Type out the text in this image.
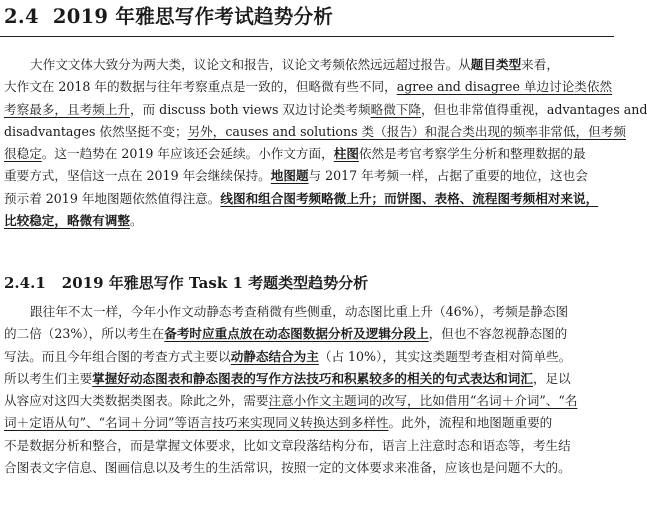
2.4 2019 年雅思写作考试趋势分析
大作文文体大致分为两大类，议论文和报告，议论文考频依然远远超过报告。从题目类型来看，
大作文在 2018 年的数据与往年考察重点是一致的，但略微有些不同，agree and disagree 单边讨论类依然
考察最多，且考频上升，而 discuss both views 双边讨论类考频略微下降，但也非常值得重视，advantages and
disadvantages 依然坚挺不变；另外，causes and solutions 类（报告）和混合类出现的频率非常低，但考频
很稳定。这一趋势在 2019 年应该还会延续。小作文方面，柱图依然是考官考察学生分析和整理数据的最
重要方式，坚信这一点在 2019 年会继续保持。地图题与 2017 年考频一样，占据了重要的地位，这也会
预示着 2019 年地图题依然值得注意。线图和组合图考频略微上升；而饼图、表格、流程图考频相对来说，
比较稳定，略微有调整。
2.4.1 2019 年雅思写作 Task 1 考题类型趋势分析
跟往年不太一样，今年小作文动静态考查稍微有些侧重，动态图比重上升（46%），考频是静态图
的二倍（23%），所以考生在备考时应重点放在动态图数据分析及逻辑分段上，但也不容忽视静态图的
写法。而且今年组合图的考查方式主要以动静态结合为主（占 10%），其实这类题型考查相对简单些。
所以考生们主要掌握好动态图表和静态图表的写作方法技巧和积累较多的相关的句式表达和词汇，足以
从容应对这四大类数据类图表。除此之外，需要注意小作文主题词的改写，比如借用“名词＋介词”、“名
词＋定语从句”、“名词＋分词”等语言技巧来实现同义转换达到多样性。此外，流程和地图题重要的
不是数据分析和整合，而是掌握文体要求，比如文章段落结构分布，语言上注意时态和语态等，考生结
合图表文字信息、图画信息以及考生的生活常识，按照一定的文体要求来准备，应该也是问题不大的。
